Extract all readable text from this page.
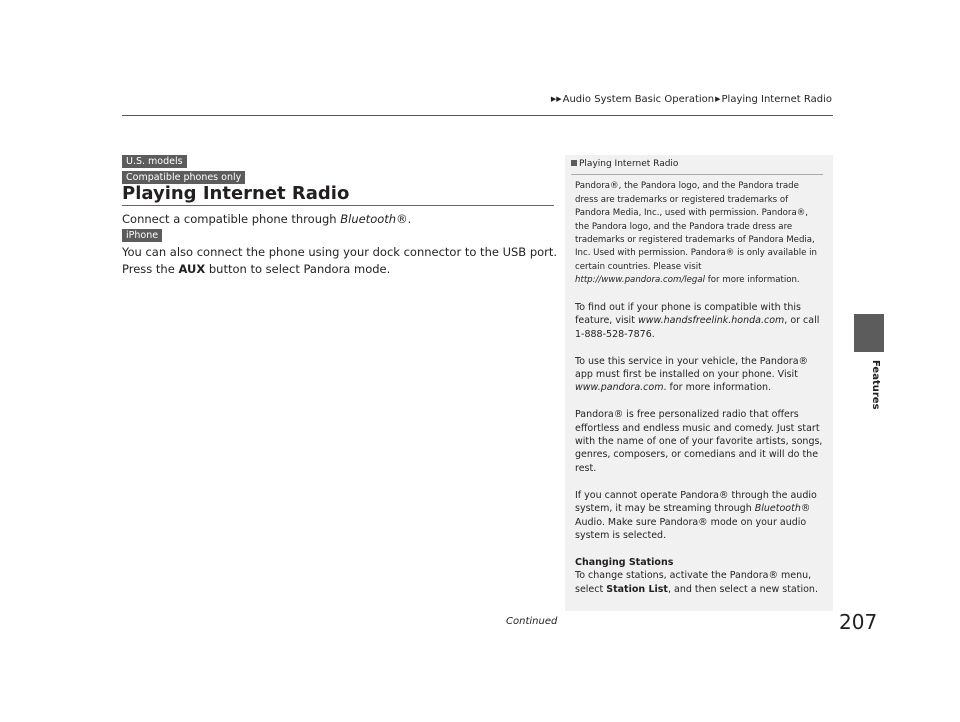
▶▶Audio System Basic Operation▶Playing Internet Radio
Features
U.S. models
Compatible phones only
Playing Internet Radio
Connect a compatible phone through Bluetooth®.
iPhone
You can also connect the phone using your dock connector to the USB port.
Press the AUX button to select Pandora mode.
Playing Internet Radio

Pandora®, the Pandora logo, and the Pandora trade dress are trademarks or registered trademarks of Pandora Media, Inc., used with permission. Pandora®, the Pandora logo, and the Pandora trade dress are trademarks or registered trademarks of Pandora Media, Inc. Used with permission. Pandora® is only available in certain countries. Please visit
http://www.pandora.com/legal for more information.

To find out if your phone is compatible with this feature, visit www.handsfreelink.honda.com, or call 1-888-528-7876.

To use this service in your vehicle, the Pandora® app must first be installed on your phone. Visit
www.pandora.com. for more information.

Pandora® is free personalized radio that offers effortless and endless music and comedy. Just start with the name of one of your favorite artists, songs, genres, composers, or comedians and it will do the rest.

If you cannot operate Pandora® through the audio system, it may be streaming through Bluetooth® Audio. Make sure Pandora® mode on your audio system is selected.

Changing Stations

To change stations, activate the Pandora® menu, select Station List, and then select a new station.

Continued	207
